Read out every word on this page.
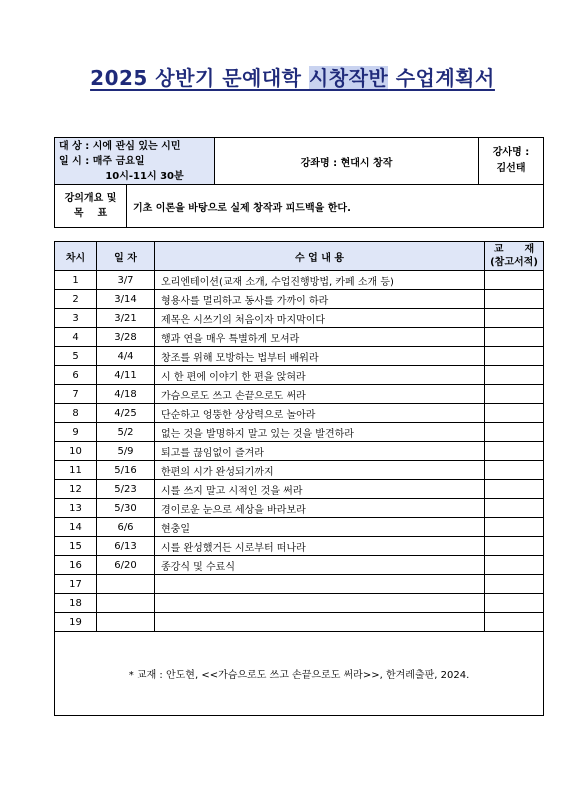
2025 상반기 문예대학 시창작반 수업계획서
대 상 : 시에 관심 있는 시민
일 시 : 매주 금요일
10시-11시 30분
	강좌명 : 현대시 창작	
강사명 :
김선태
강의개요 및
목    표	기초 이론을 바탕으로 실제 창작과 피드백을 한다.
차시	일 자	수 업 내 용	교      재
(참고서적)

1	3/7	오리엔테이션(교재 소개, 수업진행방법, 카페 소개 등)	
2	3/14	형용사를 멀리하고 동사를 가까이 하라	
3	3/21	제목은 시쓰기의 처음이자 마지막이다	
4	3/28	행과 연을 매우 특별하게 모셔라	
5	4/4	창조를 위해 모방하는 법부터 배워라	
6	4/11	시 한 편에 이야기 한 편을 앉혀라	
7	4/18	가슴으로도 쓰고 손끝으로도 써라	
8	4/25	단순하고 엉뚱한 상상력으로 놀아라	
9	5/2	없는 것을 발명하지 말고 있는 것을 발견하라	
10	5/9	퇴고를 끊임없이 즐겨라	
11	5/16	한편의 시가 완성되기까지	
12	5/23	시를 쓰지 말고 시적인 것을 써라	
13	5/30	경이로운 눈으로 세상을 바라보라	
14	6/6	현충일	
15	6/13	시를 완성했거든 시로부터 떠나라	
16	6/20	종강식 및 수료식	
17			
18			
19			
* 교재 : 안도현, <<가슴으로도 쓰고 손끝으로도 써라>>, 한겨레출판, 2024.			
